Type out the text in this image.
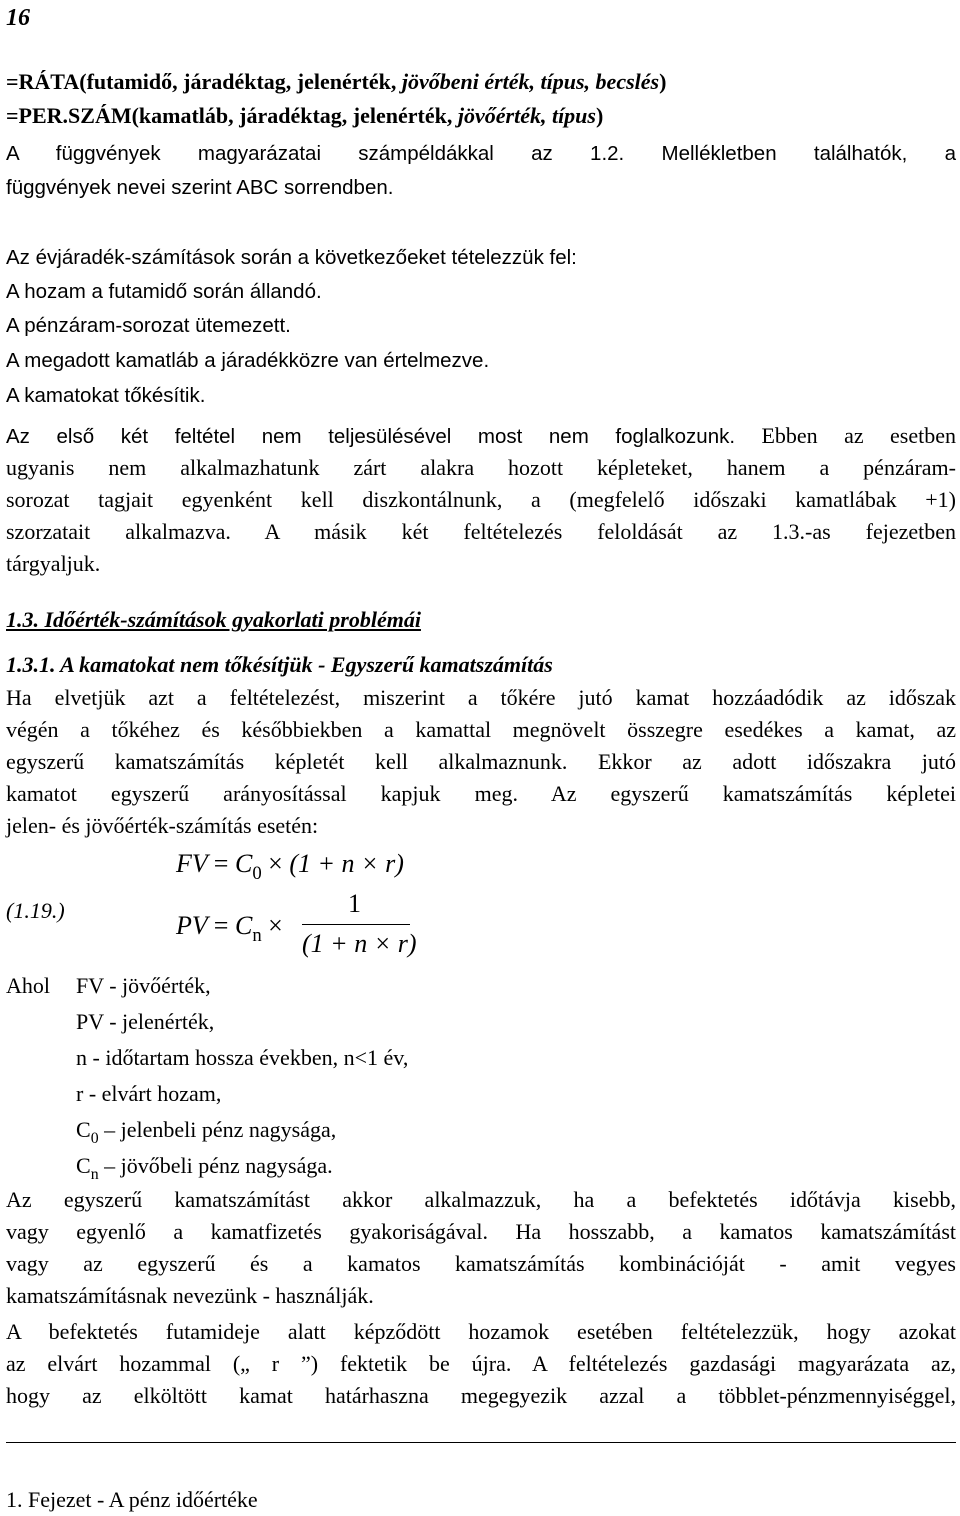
16
=RÁTA(futamidő, járadéktag, jelenérték, jövőbeni érték, típus, becslés)
=PER.SZÁM(kamatláb, járadéktag, jelenérték, jövőérték, típus)
A függvények magyarázatai számpéldákkal az 1.2. Mellékletben találhatók, a
függvények nevei szerint ABC sorrendben.
Az évjáradék-számítások során a következőeket tételezzük fel:
A hozam a futamidő során állandó.
A pénzáram-sorozat ütemezett.
A megadott kamatláb a járadékközre van értelmezve.
A kamatokat tőkésítik.
Az első két feltétel nem teljesülésével most nem foglalkozunk. Ebben az esetben
ugyanis nem alkalmazhatunk zárt alakra hozott képleteket, hanem a pénzáram-
sorozat tagjait egyenként kell diszkontálnunk, a (megfelelő időszaki kamatlábak +1)
szorzatait alkalmazva. A másik két feltételezés feloldását az 1.3.-as fejezetben
tárgyaljuk.
1.3. Időérték-számítások gyakorlati problémái
1.3.1. A kamatokat nem tőkésítjük - Egyszerű kamatszámítás
Ha elvetjük azt a feltételezést, miszerint a tőkére jutó kamat hozzáadódik az időszak
végén a tőkéhez és későbbiekben a kamattal megnövelt összegre esedékes a kamat, az
egyszerű kamatszámítás képletét kell alkalmaznunk. Ekkor az adott időszakra jutó
kamatot egyszerű arányosítással kapjuk meg. Az egyszerű kamatszámítás képletei
jelen- és jövőérték-számítás esetén:
FV = $C_0 \times (1 + n \times r)$
(1.19.)
PV = $C_n$ ×
1
(1 + n × r)
Ahol FV - jövőérték,
PV - jelenérték,
n - időtartam hossza években, n<1 év,
r - elvárt hozam,
$C_0$ – jelenbeli pénz nagysága,
$C_n$ – jövőbeli pénz nagysága.
Az egyszerű kamatszámítást akkor alkalmazzuk, ha a befektetés időtávja kisebb,
vagy egyenlő a kamatfizetés gyakoriságával. Ha hosszabb, a kamatos kamatszámítást
vagy az egyszerű és a kamatos kamatszámítás kombinációját - amit vegyes
kamatszámításnak nevezünk - használják.
A befektetés futamideje alatt képződött hozamok esetében feltételezzük, hogy azokat
az elvárt hozammal („ r ”) fektetik be újra. A feltételezés gazdasági magyarázata az,
hogy az elköltött kamat határhaszna megegyezik azzal a többlet-pénzmennyiséggel,
1. Fejezet - A pénz időértéke
